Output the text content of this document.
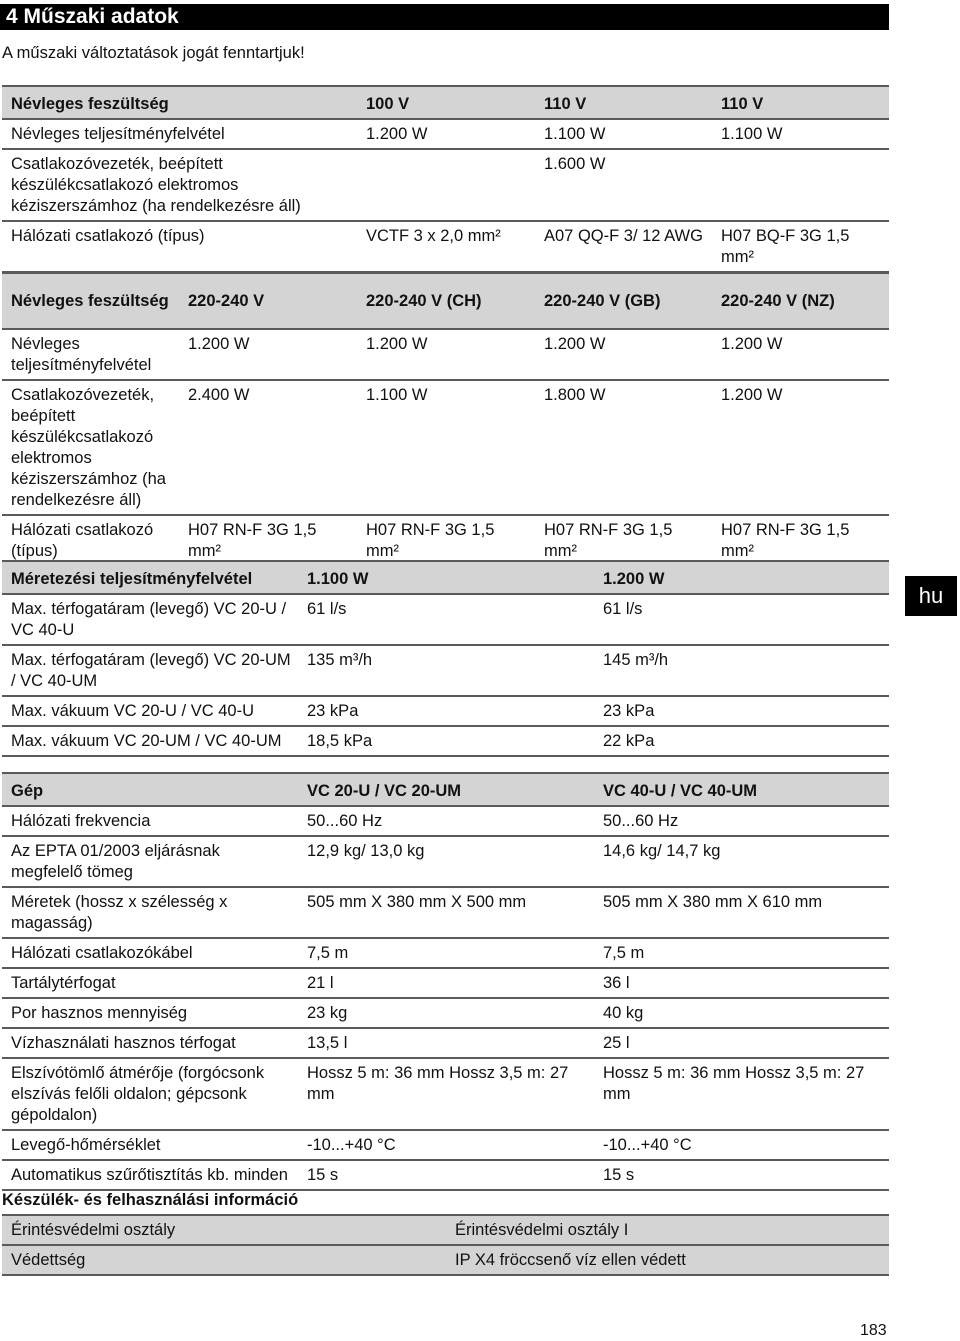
4 Műszaki adatok
A műszaki változtatások jogát fenntartjuk!
Névleges feszültség	100 V	110 V	110 V
Névleges teljesítményfelvétel	1.200 W	1.100 W	1.100 W
Csatlakozóvezeték, beépített készülékcsatlakozó elektromos kéziszerszámhoz (ha rendelkezésre áll)		1.600 W	
Hálózati csatlakozó (típus)	VCTF 3 x 2,0 mm²	A07 QQ-F 3/ 12 AWG	H07 BQ-F 3G 1,5 mm²
Névleges feszültség	220-240 V	220-240 V (CH)	220-240 V (GB)	220-240 V (NZ)
Névleges teljesítményfelvétel	1.200 W	1.200 W	1.200 W	1.200 W
Csatlakozóvezeték, beépített készülékcsatlakozó elektromos kéziszerszámhoz (ha rendelkezésre áll)	2.400 W	1.100 W	1.800 W	1.200 W
Hálózati csatlakozó (típus)	H07 RN-F 3G 1,5 mm²	H07 RN-F 3G 1,5 mm²	H07 RN-F 3G 1,5 mm²	H07 RN-F 3G 1,5 mm²
Méretezési teljesítményfelvétel	1.100 W	1.200 W
Max. térfogatáram (levegő) VC 20-U / VC 40-U	61 l/s	61 l/s
Max. térfogatáram (levegő) VC 20-UM / VC 40-UM	135 m³/h	145 m³/h
Max. vákuum VC 20-U / VC 40-U	23 kPa	23 kPa
Max. vákuum VC 20-UM / VC 40-UM	18,5 kPa	22 kPa
Gép	VC 20-U / VC 20-UM	VC 40-U / VC 40-UM
Hálózati frekvencia	50...60 Hz	50...60 Hz
Az EPTA 01/2003 eljárásnak megfelelő tömeg	12,9 kg/ 13,0 kg	14,6 kg/ 14,7 kg
Méretek (hossz x szélesség x magasság)	505 mm X 380 mm X 500 mm	505 mm X 380 mm X 610 mm
Hálózati csatlakozókábel	7,5 m	7,5 m
Tartálytérfogat	21 l	36 l
Por hasznos mennyiség	23 kg	40 kg
Vízhasználati hasznos térfogat	13,5 l	25 l
Elszívótömlő átmérője (forgócsonk elszívás felőli oldalon; gépcsonk gépoldalon)	Hossz 5 m: 36 mm Hossz 3,5 m: 27 mm	Hossz 5 m: 36 mm Hossz 3,5 m: 27 mm
Levegő-hőmérséklet	-10...+40 °C	-10...+40 °C
Automatikus szűrőtisztítás kb. minden	15 s	15 s
Készülék- és felhasználási információ
Érintésvédelmi osztály	Érintésvédelmi osztály I
Védettség	IP X4 fröccsenő víz ellen védett
hu
183
